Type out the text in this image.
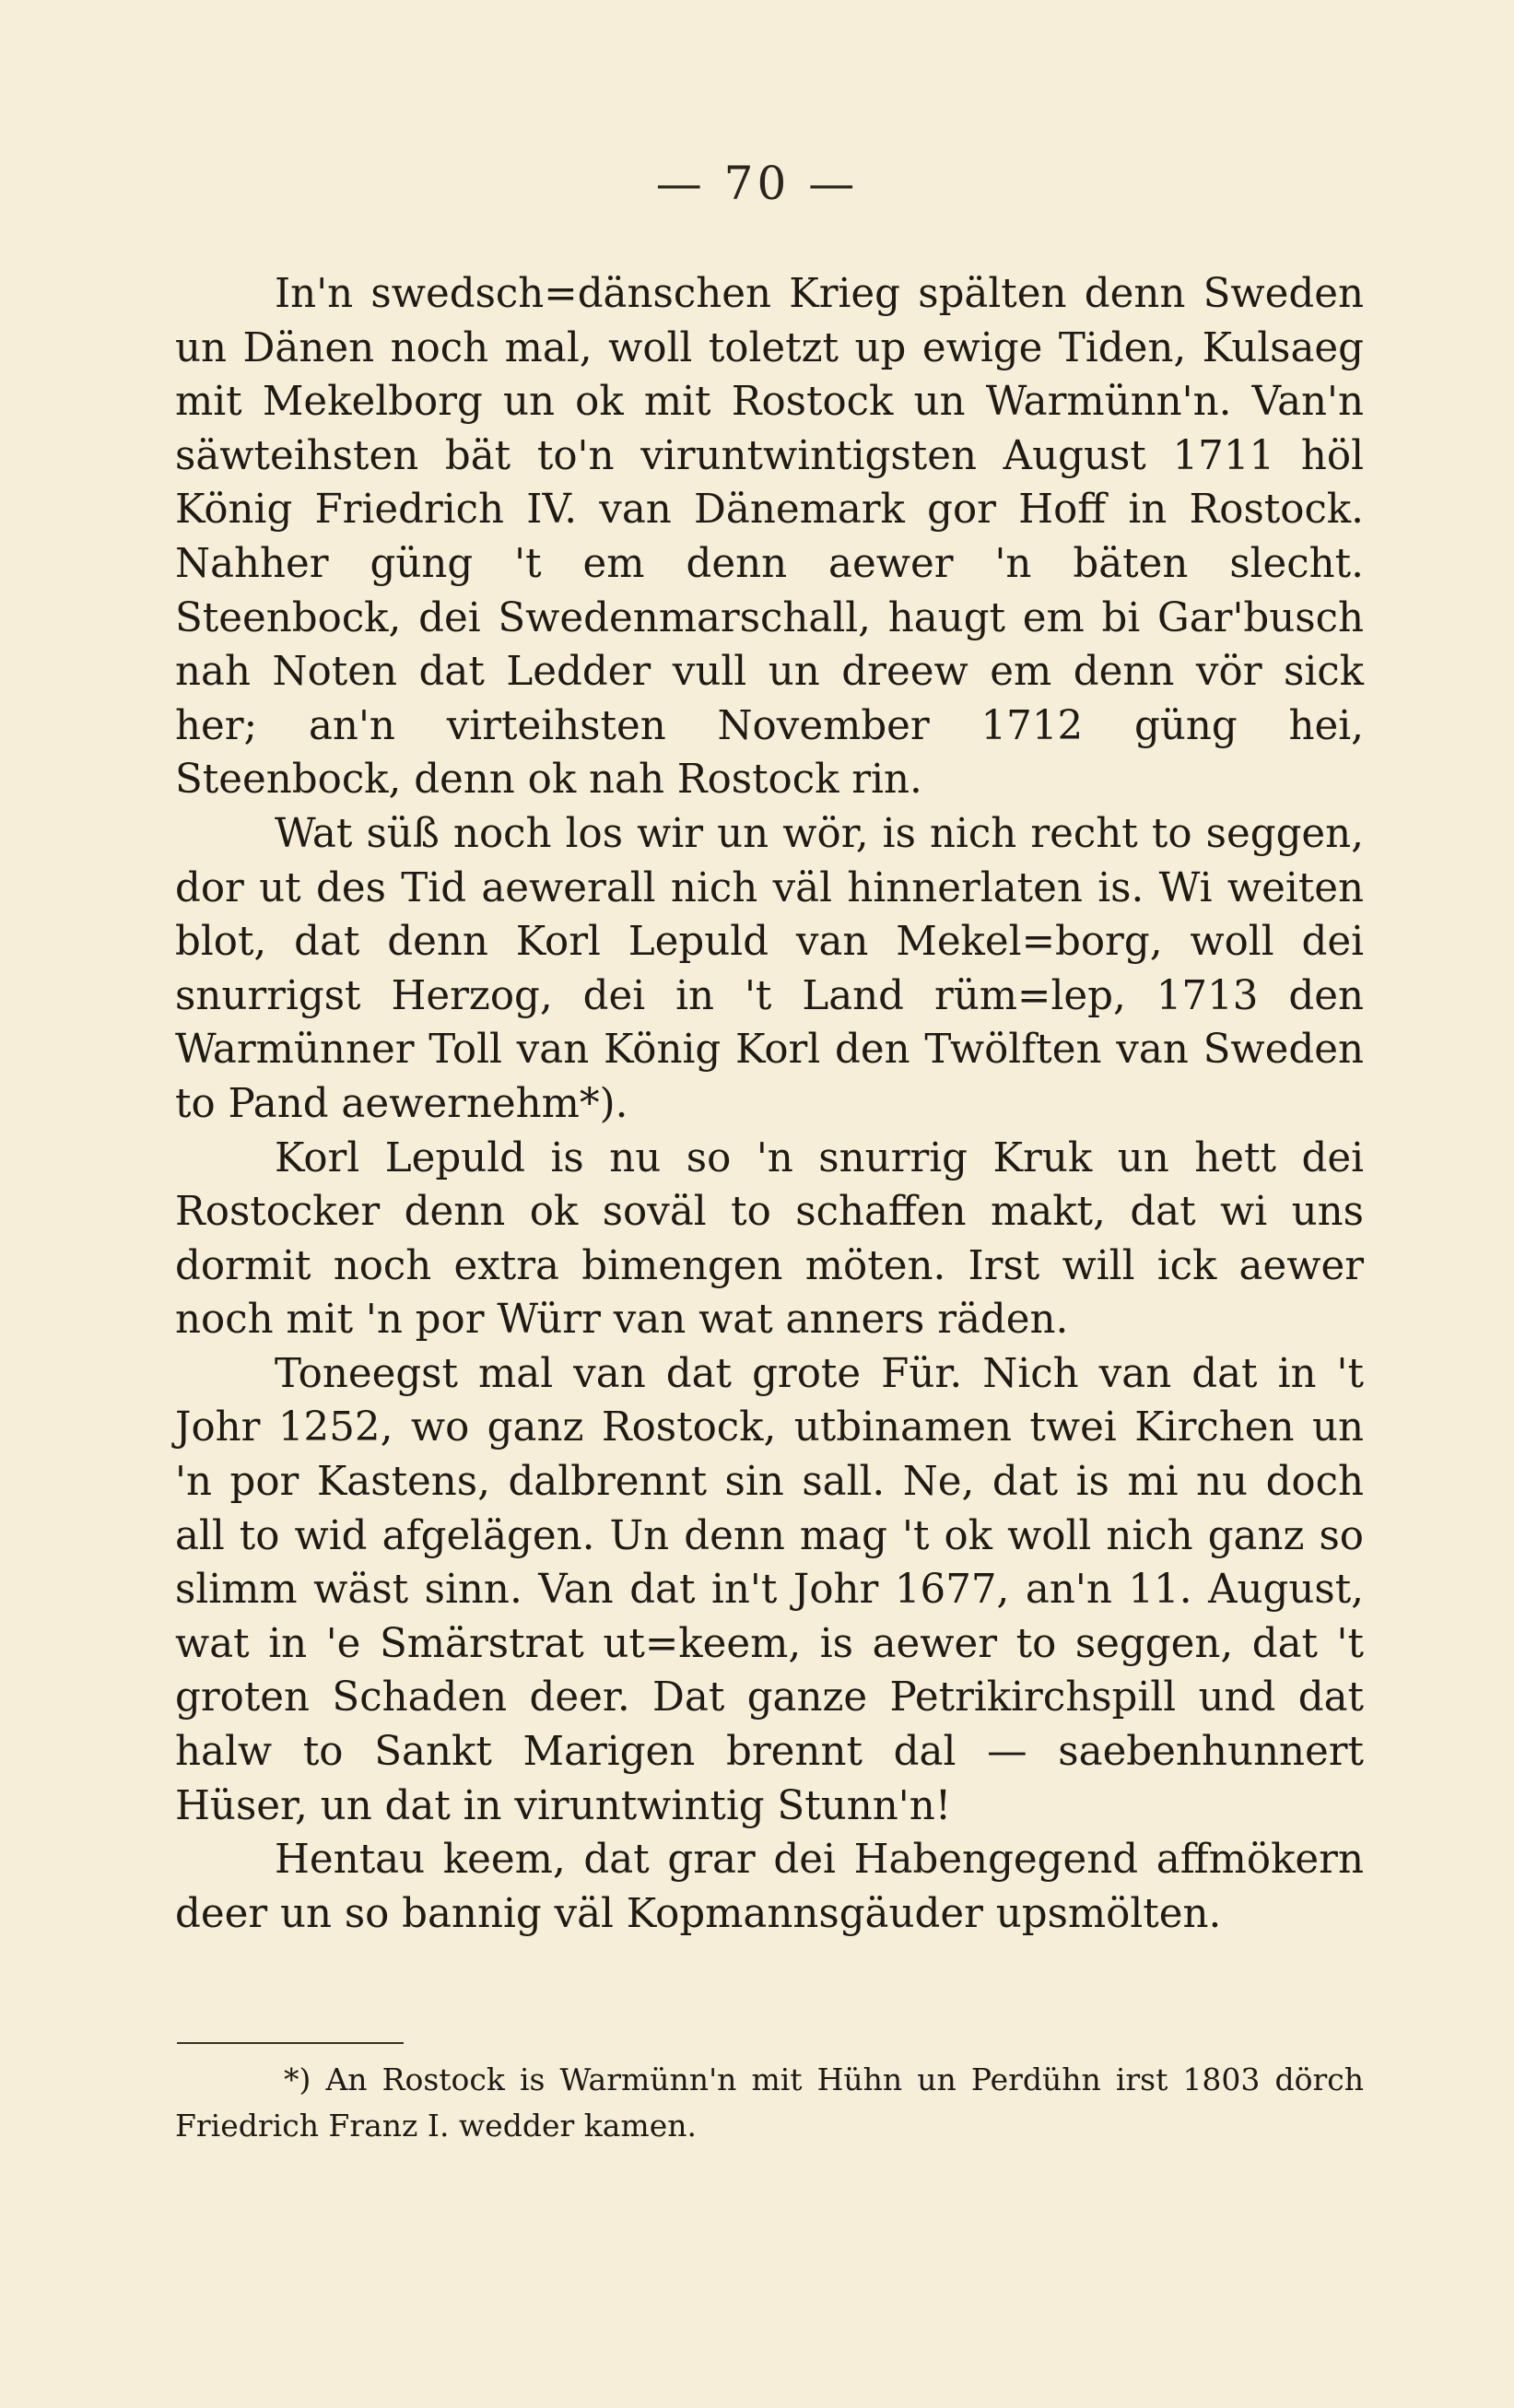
— 70 —

In'n swedsch=dänschen Krieg spälten denn Sweden un Dänen noch mal, woll toletzt up ewige Tiden, Kulsaeg mit Mekelborg un ok mit Rostock un Warmünn'n. Van'n säwteihsten bät to'n viruntwintigsten August 1711 höl König Friedrich IV. van Dänemark gor Hoff in Rostock. Nahher güng 't em denn aewer 'n bäten slecht. Steenbock, dei Swedenmarschall, haugt em bi Gar'busch nah Noten dat Ledder vull un dreew em denn vör sick her; an'n virteihsten November 1712 güng hei, Steenbock, denn ok nah Rostock rin.

Wat süß noch los wir un wör, is nich recht to seggen, dor ut des Tid aewerall nich väl hinnerlaten is. Wi weiten blot, dat denn Korl Lepuld van Mekel=borg, woll dei snurrigst Herzog, dei in 't Land rüm=lep, 1713 den Warmünner Toll van König Korl den Twölften van Sweden to Pand aewernehm*).

Korl Lepuld is nu so 'n snurrig Kruk un hett dei Rostocker denn ok soväl to schaffen makt, dat wi uns dormit noch extra bimengen möten. Irst will ick aewer noch mit 'n por Würr van wat anners räden.

Toneegst mal van dat grote Für. Nich van dat in 't Johr 1252, wo ganz Rostock, utbinamen twei Kirchen un 'n por Kastens, dalbrennt sin sall. Ne, dat is mi nu doch all to wid afgelägen. Un denn mag 't ok woll nich ganz so slimm wäst sinn. Van dat in't Johr 1677, an'n 11. August, wat in 'e Smärstrat ut=keem, is aewer to seggen, dat 't groten Schaden deer. Dat ganze Petrikirchspill und dat halw to Sankt Marigen brennt dal — saebenhunnert Hüser, un dat in viruntwintig Stunn'n!

Hentau keem, dat grar dei Habengegend affmökern deer un so bannig väl Kopmannsgäuder upsmölten.

*) An Rostock is Warmünn'n mit Hühn un Perdühn irst 1803 dörch Friedrich Franz I. wedder kamen.
